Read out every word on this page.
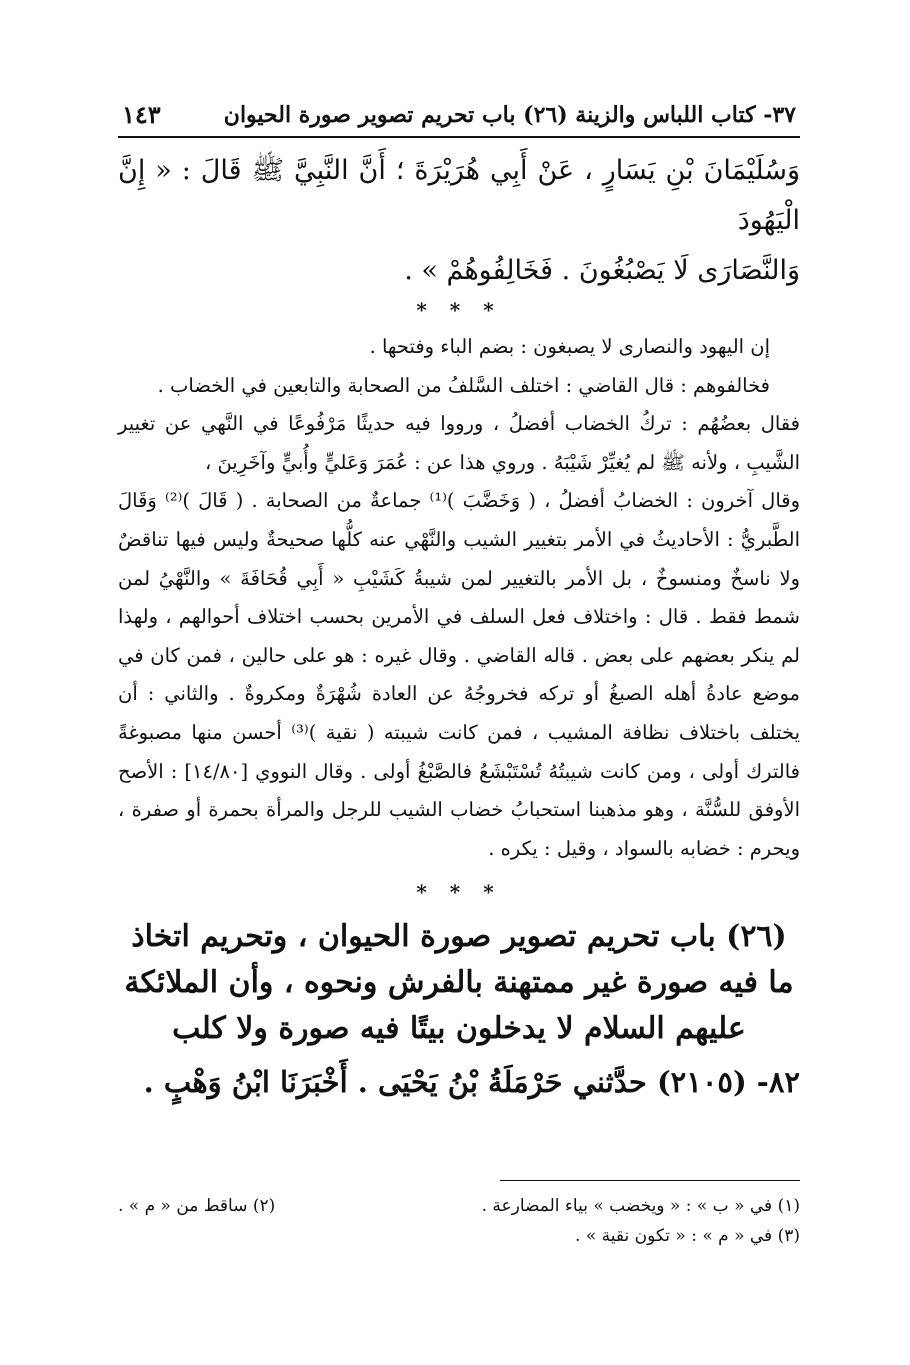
٣٧- كتاب اللباس والزينة (٢٦) باب تحريم تصوير صورة الحيوان
١٤٣

وَسُلَيْمَانَ بْنِ يَسَارٍ ، عَنْ أَبِي هُرَيْرَةَ ؛ أَنَّ النَّبِيَّ ﷺ قَالَ : « إِنَّ الْيَهُودَ

وَالنَّصَارَى لَا يَصْبُغُونَ . فَخَالِفُوهُمْ » .

* * *

إن اليهود والنصارى لا يصبغون : بضم الباء وفتحها .

فخالفوهم : قال القاضي : اختلف السَّلفُ من الصحابة والتابعين في الخضاب .

فقال بعضُهُم : تركُ الخضاب أفضلُ ، ورووا فيه حديثًا مَرْفُوعًا في النَّهي عن تغيير الشَّيبِ ، ولأنه ﷺ لم يُغيِّرْ شَيْبَهُ . وروي هذا عن : عُمَرَ وَعَليٍّ وأُبيٍّ وآخَرِينَ ،

وقال آخرون : الخضابُ أفضلُ ، ( وَخَضَّبَ )⁽¹⁾ جماعةٌ من الصحابة . ( قَالَ )⁽²⁾ وَقَالَ الطَّبريُّ : الأحاديثُ في الأمر بتغيير الشيب والنَّهْي عنه كلُّها صحيحةٌ وليس فيها تناقضٌ ولا ناسخٌ ومنسوخٌ ، بل الأمر بالتغيير لمن شيبةُ كَشَيْبِ « أَبِي قُحَافَةَ » والنَّهْيُ لمن شمط فقط . قال : واختلاف فعل السلف في الأمرين بحسب اختلاف أحوالهم ، ولهذا لم ينكر بعضهم على بعض . قاله القاضي . وقال غيره : هو على حالين ، فمن كان في موضع عادةُ أهله الصبغُ أو تركه فخروجُهُ عن العادة شُهْرَةٌ ومكروةٌ . والثاني : أن يختلف باختلاف نظافة المشيب ، فمن كانت شيبته ( نقية )⁽³⁾ أحسن منها مصبوغةً فالترك أولى ، ومن كانت شيبتُهُ تُسْتَبْشَعُ فالصَّبْغُ أولى . وقال النووي [١٤/٨٠] : الأصح الأوفق للسُّنَّة ، وهو مذهبنا استحبابُ خضاب الشيب للرجل والمرأة بحمرة أو صفرة ، ويحرم : خضابه بالسواد ، وقيل : يكره .

* * *
(٢٦) باب تحريم تصوير صورة الحيوان ، وتحريم اتخاذ ما فيه صورة غير ممتهنة بالفرش ونحوه ، وأن الملائكة عليهم السلام لا يدخلون بيتًا فيه صورة ولا كلب
٨٢- (٢١٠٥) حدَّثني حَرْمَلَةُ بْنُ يَحْيَى . أَخْبَرَنَا ابْنُ وَهْبٍ .
(١) في « ب » : « ويخضب » بياء المضارعة .
(٢) ساقط من « م » .
(٣) في « م » : « تكون نقية » .
